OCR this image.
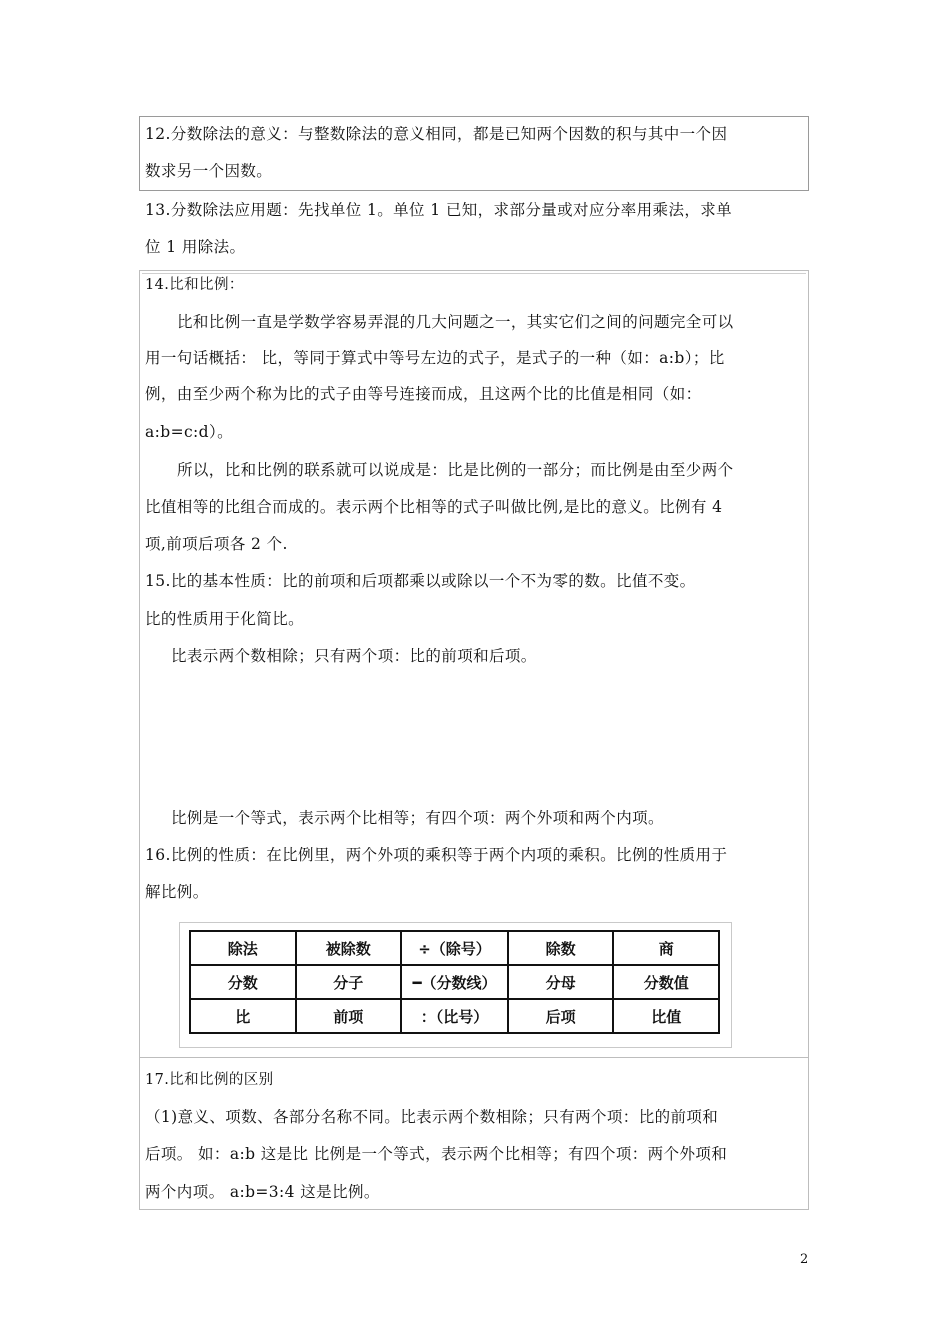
12.分数除法的意义：与整数除法的意义相同，都是已知两个因数的积与其中一个因
数求另一个因数。
13.分数除法应用题：先找单位 1。单位 1 已知，求部分量或对应分率用乘法，求单
位 1 用除法。
14.比和比例：
比和比例一直是学数学容易弄混的几大问题之一，其实它们之间的问题完全可以
用一句话概括： 比，等同于算式中等号左边的式子，是式子的一种（如：a:b）；比
例，由至少两个称为比的式子由等号连接而成，且这两个比的比值是相同（如：
a:b=c:d）。
所以，比和比例的联系就可以说成是：比是比例的一部分；而比例是由至少两个
比值相等的比组合而成的。表示两个比相等的式子叫做比例,是比的意义。比例有 4
项,前项后项各 2 个.
15.比的基本性质：比的前项和后项都乘以或除以一个不为零的数。比值不变。
比的性质用于化简比。
比表示两个数相除；只有两个项：比的前项和后项。
比例是一个等式，表示两个比相等；有四个项：两个外项和两个内项。
16.比例的性质：在比例里，两个外项的乘积等于两个内项的乘积。比例的性质用于
解比例。
除法	被除数	÷（除号）	除数	商
分数	分子	━（分数线）	分母	分数值
比	前项	：（比号）	后项	比值
17.比和比例的区别
（1)意义、项数、各部分名称不同。比表示两个数相除；只有两个项：比的前项和
后项。 如：a:b 这是比 比例是一个等式，表示两个比相等；有四个项：两个外项和
两个内项。 a:b=3:4 这是比例。
2
